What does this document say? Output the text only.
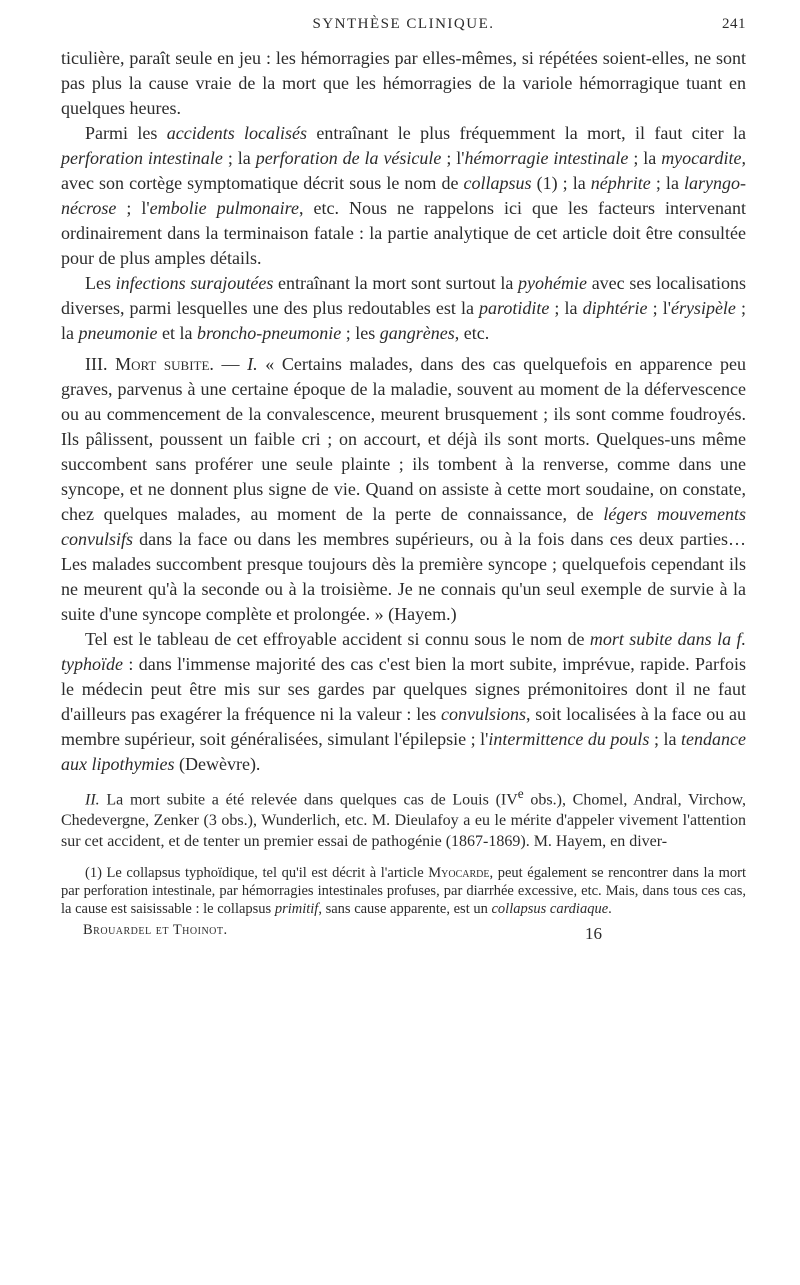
SYNTHÈSE CLINIQUE.	241

ticulière, paraît seule en jeu : les hémorragies par elles-mêmes, si répétées soient-elles, ne sont pas plus la cause vraie de la mort que les hémorragies de la variole hémorragique tuant en quelques heures.

Parmi les accidents localisés entraînant le plus fréquemment la mort, il faut citer la perforation intestinale ; la perforation de la vésicule ; l'hémorragie intestinale ; la myocardite, avec son cortège symptomatique décrit sous le nom de collapsus (1) ; la néphrite ; la laryngo-nécrose ; l'embolie pulmonaire, etc. Nous ne rappelons ici que les facteurs intervenant ordinairement dans la terminaison fatale : la partie analytique de cet article doit être consultée pour de plus amples détails.

Les infections surajoutées entraînant la mort sont surtout la pyohémie avec ses localisations diverses, parmi lesquelles une des plus redoutables est la parotidite ; la diphtérie ; l'érysipèle ; la pneumonie et la broncho-pneumonie ; les gangrènes, etc.

III. Mort subite. — I. « Certains malades, dans des cas quelquefois en apparence peu graves, parvenus à une certaine époque de la maladie, souvent au moment de la défervescence ou au commencement de la convalescence, meurent brusquement ; ils sont comme foudroyés. Ils pâlissent, poussent un faible cri ; on accourt, et déjà ils sont morts. Quelques-uns même succombent sans proférer une seule plainte ; ils tombent à la renverse, comme dans une syncope, et ne donnent plus signe de vie. Quand on assiste à cette mort soudaine, on constate, chez quelques malades, au moment de la perte de connaissance, de légers mouvements convulsifs dans la face ou dans les membres supérieurs, ou à la fois dans ces deux parties… Les malades succombent presque toujours dès la première syncope ; quelquefois cependant ils ne meurent qu'à la seconde ou à la troisième. Je ne connais qu'un seul exemple de survie à la suite d'une syncope complète et prolongée. » (Hayem.)

Tel est le tableau de cet effroyable accident si connu sous le nom de mort subite dans la f. typhoïde : dans l'immense majorité des cas c'est bien la mort subite, imprévue, rapide. Parfois le médecin peut être mis sur ses gardes par quelques signes prémonitoires dont il ne faut d'ailleurs pas exagérer la fréquence ni la valeur : les convulsions, soit localisées à la face ou au membre supérieur, soit généralisées, simulant l'épilepsie ; l'intermittence du pouls ; la tendance aux lipothymies (Dewèvre).

II. La mort subite a été relevée dans quelques cas de Louis (IVe obs.), Chomel, Andral, Virchow, Chedevergne, Zenker (3 obs.), Wunderlich, etc. M. Dieulafoy a eu le mérite d'appeler vivement l'attention sur cet accident, et de tenter un premier essai de pathogénie (1867-1869). M. Hayem, en diver-

(1) Le collapsus typhoïdique, tel qu'il est décrit à l'article Myocarde, peut également se rencontrer dans la mort par perforation intestinale, par hémorragies intestinales profuses, par diarrhée excessive, etc. Mais, dans tous ces cas, la cause est saisissable : le collapsus primitif, sans cause apparente, est un collapsus cardiaque.

Brouardel et Thoinot.	16
